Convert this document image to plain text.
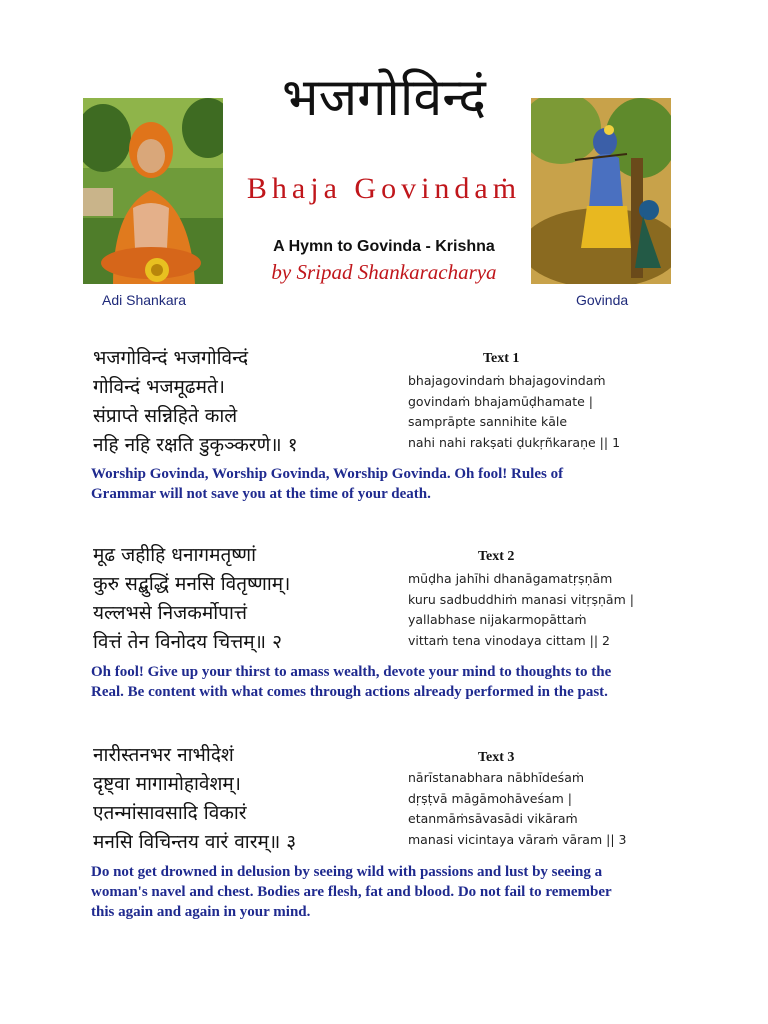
भजगोविन्दं
Bhaja Govindaṁ
A Hymn to Govinda - Krishna
by Sripad Shankaracharya
Adi Shankara	Govinda
भजगोविन्दं भजगोविन्दं
गोविन्दं भजमूढमते।
संप्राप्ते सन्निहिते काले
नहि नहि रक्षति डुकृञ्करणे॥ १
Text 1
bhajagovindaṁ bhajagovindaṁ
govindaṁ bhajamūḍhamate |
samprāpte sannihite kāle
nahi nahi rakṣati ḍukṛñkaraṇe || 1
Worship Govinda, Worship Govinda, Worship Govinda. Oh fool! Rules of
Grammar will not save you at the time of your death.
मूढ जहीहि धनागमतृष्णां
कुरु सद्बुद्धिं मनसि वितृष्णाम्।
यल्लभसे निजकर्मोपात्तं
वित्तं तेन विनोदय चित्तम्॥ २
Text 2
mūḍha jahīhi dhanāgamatṛṣṇām
kuru sadbuddhiṁ manasi vitṛṣṇām |
yallabhase nijakarmopāttaṁ
vittaṁ tena vinodaya cittam || 2
Oh fool! Give up your thirst to amass wealth, devote your mind to thoughts to the
Real. Be content with what comes through actions already performed in the past.
नारीस्तनभर नाभीदेशं
दृष्ट्वा मागामोहावेशम्।
एतन्मांसावसादि विकारं
मनसि विचिन्तय वारं वारम्॥ ३
Text 3
nārīstanabhara nābhīdeśaṁ
dṛṣṭvā māgāmohāveśam |
etanmāṁsāvasādi vikāraṁ
manasi vicintaya vāraṁ vāram || 3
Do not get drowned in delusion by seeing wild with passions and lust by seeing a
woman's navel and chest. Bodies are flesh, fat and blood. Do not fail to remember
this again and again in your mind.
